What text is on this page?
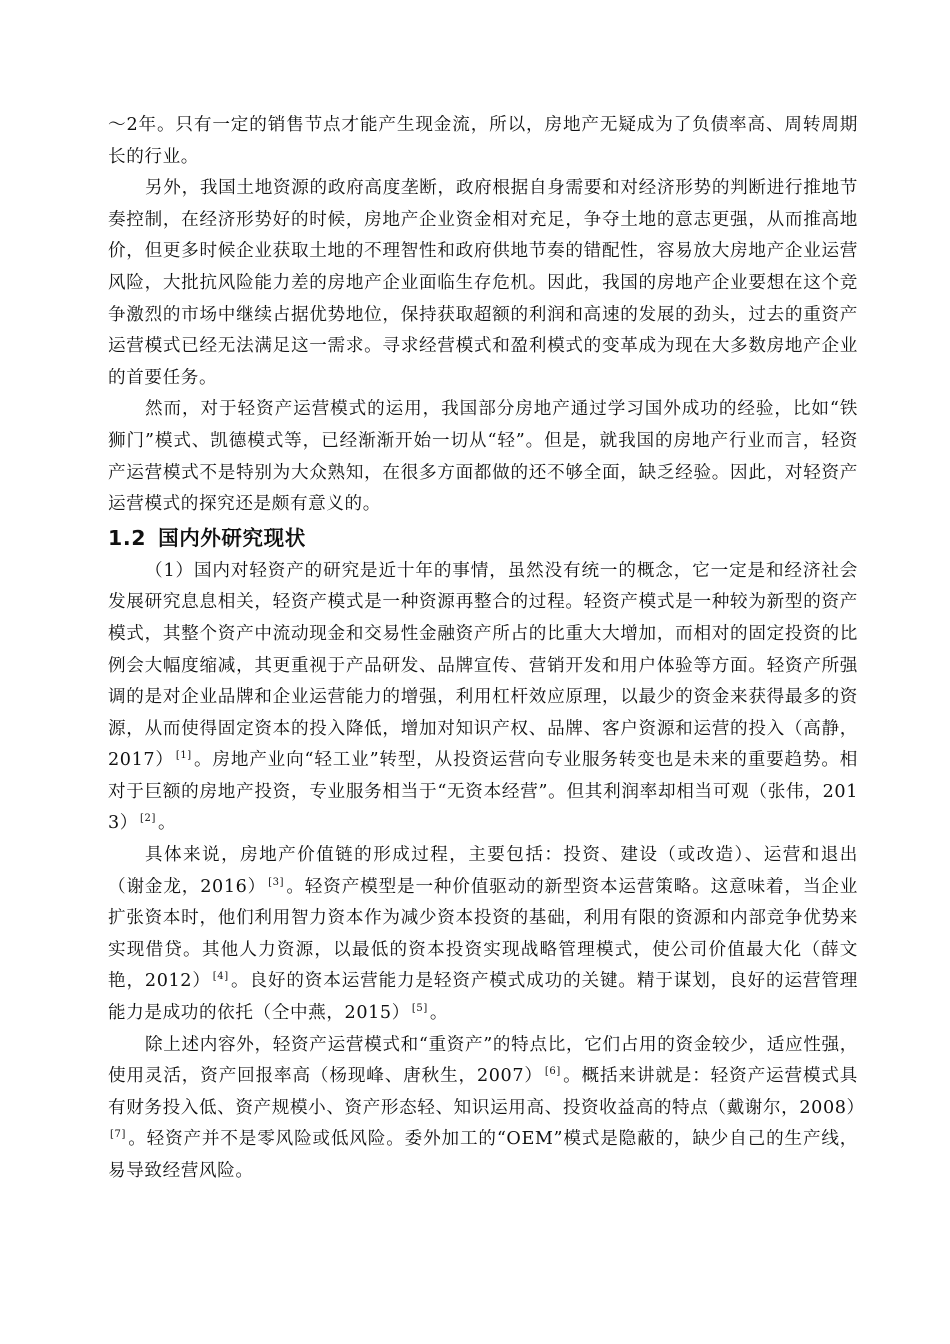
～2年。只有一定的销售节点才能产生现金流，所以，房地产无疑成为了负债率高、周转周期长的行业。

另外，我国土地资源的政府高度垄断，政府根据自身需要和对经济形势的判断进行推地节奏控制，在经济形势好的时候，房地产企业资金相对充足，争夺土地的意志更强，从而推高地价，但更多时候企业获取土地的不理智性和政府供地节奏的错配性，容易放大房地产企业运营风险，大批抗风险能力差的房地产企业面临生存危机。因此，我国的房地产企业要想在这个竞争激烈的市场中继续占据优势地位，保持获取超额的利润和高速的发展的劲头，过去的重资产运营模式已经无法满足这一需求。寻求经营模式和盈利模式的变革成为现在大多数房地产企业的首要任务。

然而，对于轻资产运营模式的运用，我国部分房地产通过学习国外成功的经验，比如“铁狮门”模式、凯德模式等，已经渐渐开始一切从“轻”。但是，就我国的房地产行业而言，轻资产运营模式不是特别为大众熟知，在很多方面都做的还不够全面，缺乏经验。因此，对轻资产运营模式的探究还是颇有意义的。

1.2 国内外研究现状

（1）国内对轻资产的研究是近十年的事情，虽然没有统一的概念，它一定是和经济社会发展研究息息相关，轻资产模式是一种资源再整合的过程。轻资产模式是一种较为新型的资产模式，其整个资产中流动现金和交易性金融资产所占的比重大大增加，而相对的固定投资的比例会大幅度缩减，其更重视于产品研发、品牌宣传、营销开发和用户体验等方面。轻资产所强调的是对企业品牌和企业运营能力的增强，利用杠杆效应原理，以最少的资金来获得最多的资源，从而使得固定资本的投入降低，增加对知识产权、品牌、客户资源和运营的投入（高静，2017） [1] 。房地产业向“轻工业”转型，从投资运营向专业服务转变也是未来的重要趋势。相对于巨额的房地产投资，专业服务相当于“无资本经营”。但其利润率却相当可观（张伟，2013） [2] 。

具体来说，房地产价值链的形成过程，主要包括：投资、建设（或改造）、运营和退出（谢金龙，2016） [3] 。轻资产模型是一种价值驱动的新型资本运营策略。这意味着，当企业扩张资本时，他们利用智力资本作为减少资本投资的基础，利用有限的资源和内部竞争优势来实现借贷。其他人力资源，以最低的资本投资实现战略管理模式，使公司价值最大化（薛文艳，2012） [4] 。良好的资本运营能力是轻资产模式成功的关键。精于谋划，良好的运营管理能力是成功的依托（仝中燕，2015） [5] 。

除上述内容外，轻资产运营模式和“重资产”的特点比，它们占用的资金较少，适应性强，使用灵活，资产回报率高（杨现峰、唐秋生，2007） [6] 。概括来讲就是：轻资产运营模式具有财务投入低、资产规模小、资产形态轻、知识运用高、投资收益高的特点（戴谢尔，2008）[7] 。轻资产并不是零风险或低风险。委外加工的“OEM”模式是隐蔽的，缺少自己的生产线，易导致经营风险。
